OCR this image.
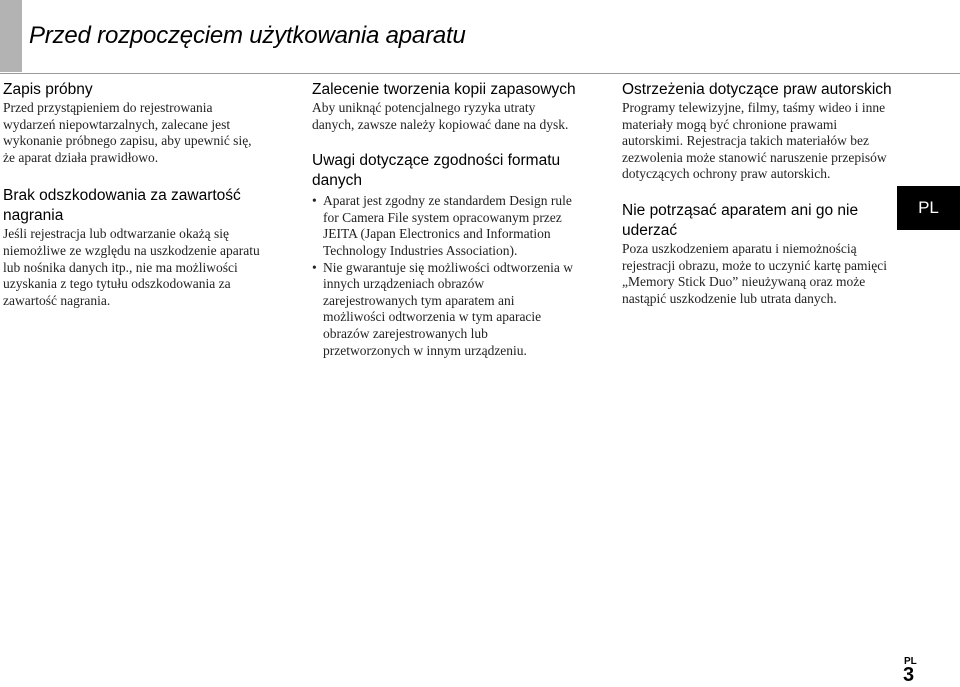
Przed rozpoczęciem użytkowania aparatu
Zapis próbny

Przed przystąpieniem do rejestrowania wydarzeń niepowtarzalnych, zalecane jest wykonanie próbnego zapisu, aby upewnić się, że aparat działa prawidłowo.

Brak odszkodowania za zawartość nagrania

Jeśli rejestracja lub odtwarzanie okażą się niemożliwe ze względu na uszkodzenie aparatu lub nośnika danych itp., nie ma możliwości uzyskania z tego tytułu odszkodowania za zawartość nagrania.

Zalecenie tworzenia kopii zapasowych

Aby uniknąć potencjalnego ryzyka utraty danych, zawsze należy kopiować dane na dysk.

Uwagi dotyczące zgodności formatu danych
• Aparat jest zgodny ze standardem Design rule for Camera File system opracowanym przez JEITA (Japan Electronics and Information Technology Industries Association).
• Nie gwarantuje się możliwości odtworzenia w innych urządzeniach obrazów zarejestrowanych tym aparatem ani możliwości odtworzenia w tym aparacie obrazów zarejestrowanych lub przetworzonych w innym urządzeniu.
Ostrzeżenia dotyczące praw autorskich

Programy telewizyjne, filmy, taśmy wideo i inne materiały mogą być chronione prawami autorskimi. Rejestracja takich materiałów bez zezwolenia może stanowić naruszenie przepisów dotyczących ochrony praw autorskich.

Nie potrząsać aparatem ani go nie uderzać

Poza uszkodzeniem aparatu i niemożnością rejestracji obrazu, może to uczynić kartę pamięci „Memory Stick Duo” nieużywaną oraz może nastąpić uszkodzenie lub utrata danych.

PL
PL
3
